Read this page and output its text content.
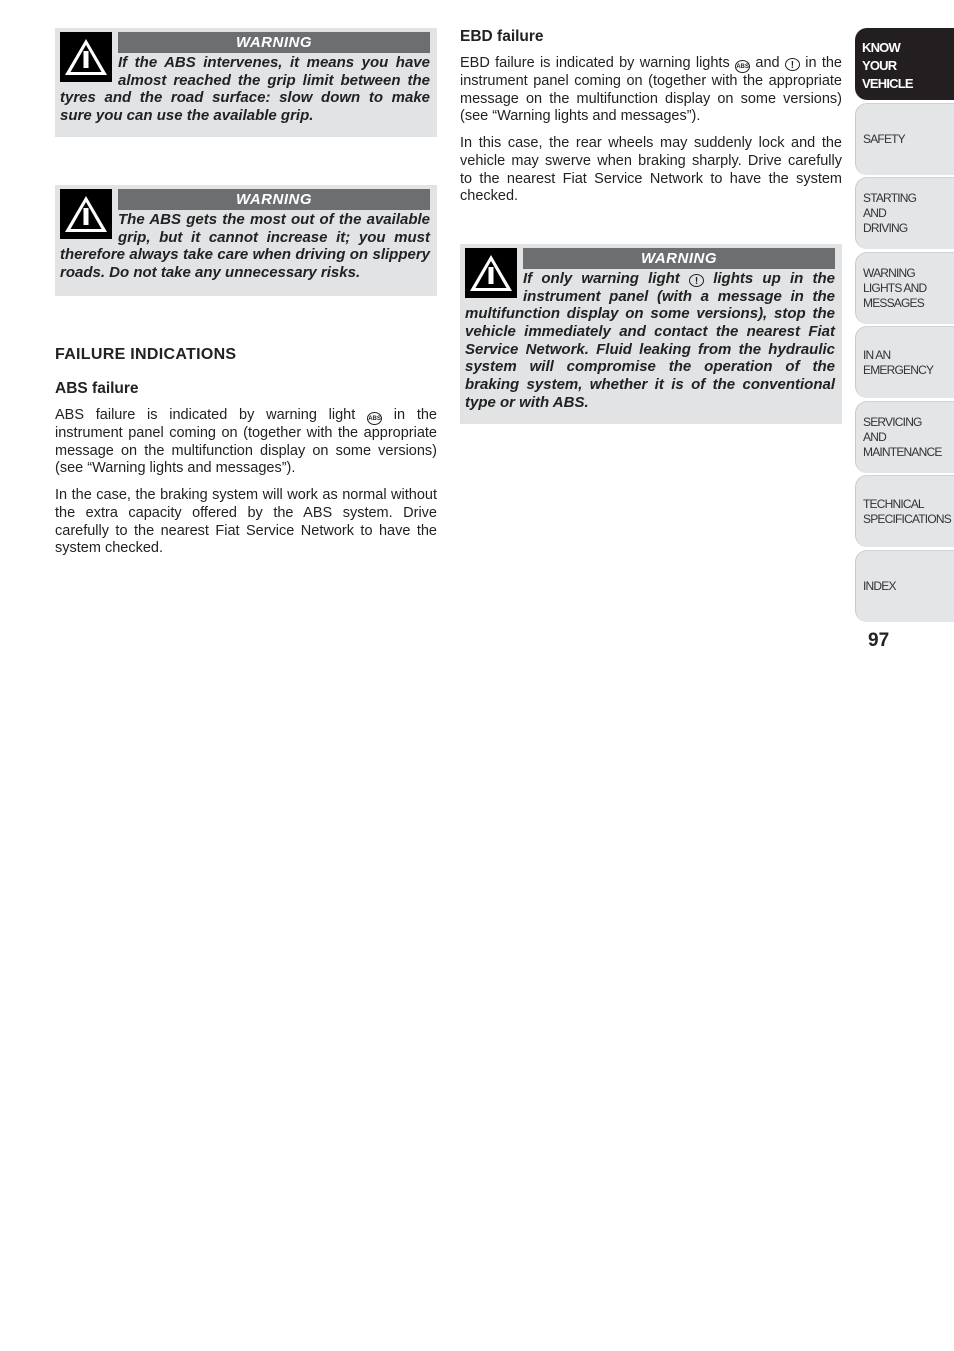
WARNING
If the ABS intervenes, it means you have almost reached the grip limit between the tyres and the road surface: slow down to make sure you can use the available grip.
WARNING
The ABS gets the most out of the available grip, but it cannot increase it; you must therefore always take care when driving on slippery roads. Do not take any unnecessary risks.
FAILURE INDICATIONS
ABS failure

ABS failure is indicated by warning light ABS in the instrument panel coming on (together with the appropriate message on the multifunction display on some versions) (see “Warning lights and messages”).

In the case, the braking system will work as normal without the extra capacity offered by the ABS system. Drive carefully to the nearest Fiat Service Network to have the system checked.

EBD failure

EBD failure is indicated by warning lights ABS and ! in the instrument panel coming on (together with the appropriate message on the multifunction display on some versions) (see “Warning lights and messages”).

In this case, the rear wheels may suddenly lock and the vehicle may swerve when braking sharply. Drive carefully to the nearest Fiat Service Network to have the system checked.

WARNING
If only warning light ! lights up in the instrument panel (with a message in the multifunction display on some versions), stop the vehicle immediately and contact the nearest Fiat Service Network. Fluid leaking from the hydraulic system will compromise the operation of the braking system, whether it is of the conventional type or with ABS.
KNOW
YOUR
VEHICLE
SAFETY
STARTING
AND
DRIVING
WARNING
LIGHTS AND
MESSAGES
IN AN
EMERGENCY
SERVICING
AND
MAINTENANCE
TECHNICAL
SPECIFICATIONS
INDEX
97
